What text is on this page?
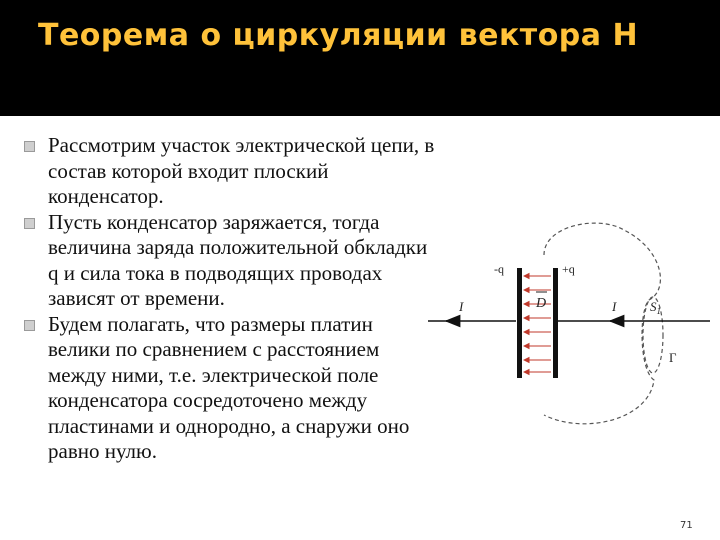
Теорема о циркуляции вектора Н
Рассмотрим участок электрической цепи, в состав которой входит плоский конденсатор.
Пусть конденсатор заряжается, тогда величина заряда положительной обкладки q и сила тока в подводящих проводах зависят от времени.
Будем полагать, что размеры платин велики по сравнением с расстоянием между ними, т.е. электрической поле конденсатора сосредоточено между пластинами и однородно, а снаружи оно равно нулю.
-q	+q
D
I	I	$S_1$
Г
71
